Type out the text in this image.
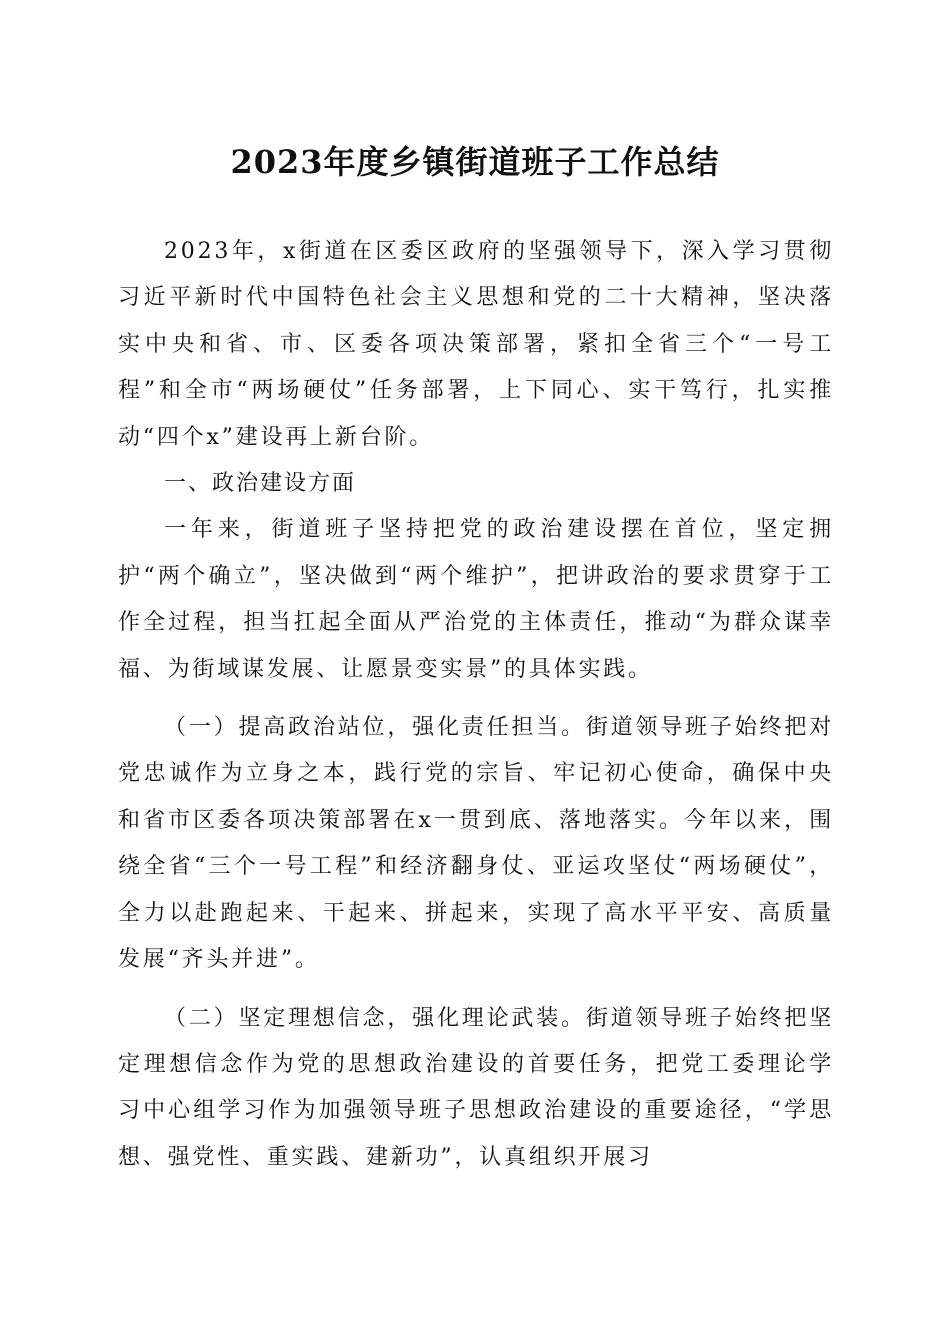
2023年度乡镇街道班子工作总结

2023年，x街道在区委区政府的坚强领导下，深入学习贯彻习近平新时代中国特色社会主义思想和党的二十大精神，坚决落实中央和省、市、区委各项决策部署，紧扣全省三个“一号工程”和全市“两场硬仗”任务部署，上下同心、实干笃行，扎实推动“四个x”建设再上新台阶。

一、政治建设方面

一年来，街道班子坚持把党的政治建设摆在首位，坚定拥护“两个确立”，坚决做到“两个维护”，把讲政治的要求贯穿于工作全过程，担当扛起全面从严治党的主体责任，推动“为群众谋幸福、为街域谋发展、让愿景变实景”的具体实践。

（一）提高政治站位，强化责任担当。街道领导班子始终把对党忠诚作为立身之本，践行党的宗旨、牢记初心使命，确保中央和省市区委各项决策部署在x一贯到底、落地落实。今年以来，围绕全省“三个一号工程”和经济翻身仗、亚运攻坚仗“两场硬仗”，全力以赴跑起来、干起来、拼起来，实现了高水平平安、高质量发展“齐头并进”。

（二）坚定理想信念，强化理论武装。街道领导班子始终把坚定理想信念作为党的思想政治建设的首要任务，把党工委理论学习中心组学习作为加强领导班子思想政治建设的重要途径，“学思想、强党性、重实践、建新功”，认真组织开展习
